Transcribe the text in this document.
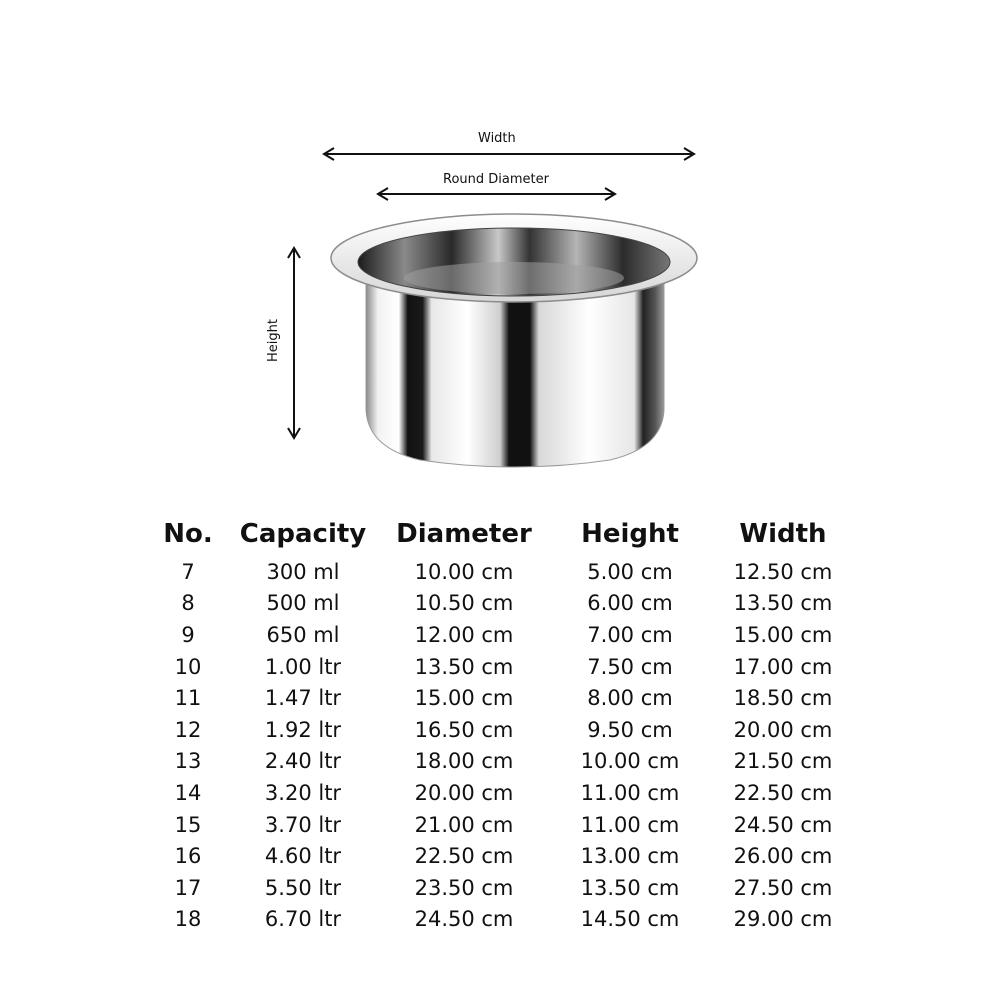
Width
Round Diameter
Height
No.	Capacity	Diameter	Height	Width
7	300 ml	10.00 cm	5.00 cm	12.50 cm
8	500 ml	10.50 cm	6.00 cm	13.50 cm
9	650 ml	12.00 cm	7.00 cm	15.00 cm
10	1.00 ltr	13.50 cm	7.50 cm	17.00 cm
11	1.47 ltr	15.00 cm	8.00 cm	18.50 cm
12	1.92 ltr	16.50 cm	9.50 cm	20.00 cm
13	2.40 ltr	18.00 cm	10.00 cm	21.50 cm
14	3.20 ltr	20.00 cm	11.00 cm	22.50 cm
15	3.70 ltr	21.00 cm	11.00 cm	24.50 cm
16	4.60 ltr	22.50 cm	13.00 cm	26.00 cm
17	5.50 ltr	23.50 cm	13.50 cm	27.50 cm
18	6.70 ltr	24.50 cm	14.50 cm	29.00 cm
